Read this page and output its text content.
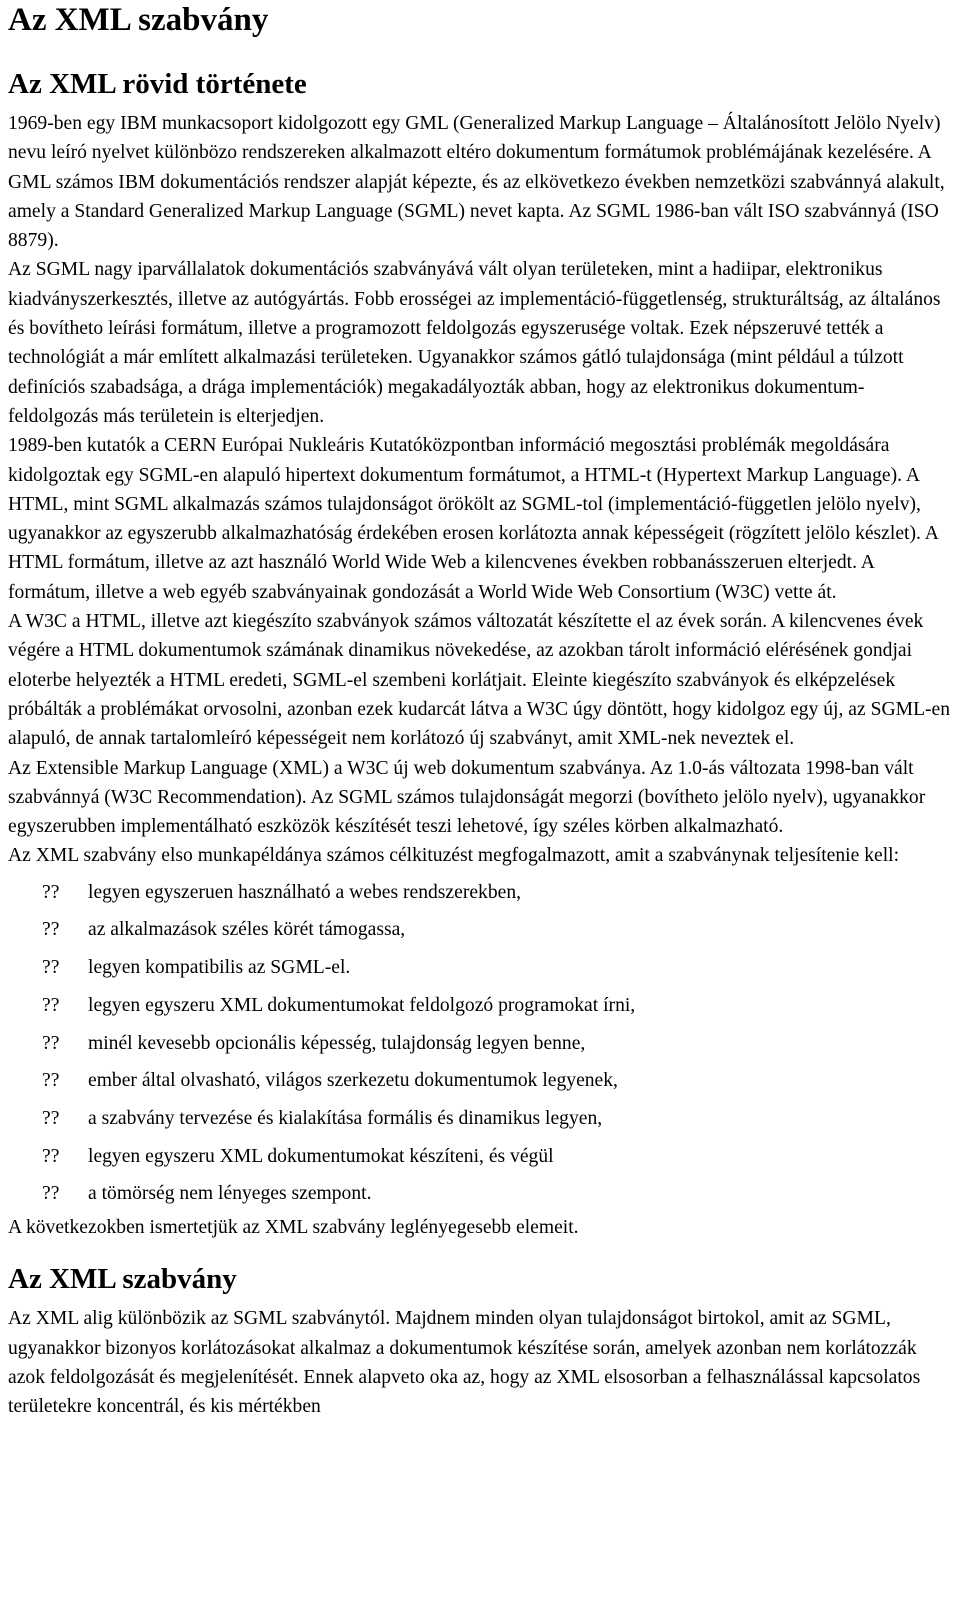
Az XML szabvány
Az XML rövid története

1969-ben egy IBM munkacsoport kidolgozott egy GML (Generalized Markup Language – Általánosított Jelölo Nyelv) nevu leíró nyelvet különbözo rendszereken alkalmazott eltéro dokumentum formátumok problémájának kezelésére. A GML számos IBM dokumentációs rendszer alapját képezte, és az elkövetkezo években nemzetközi szabvánnyá alakult, amely a Standard Generalized Markup Language (SGML) nevet kapta. Az SGML 1986-ban vált ISO szabvánnyá (ISO 8879).

Az SGML nagy iparvállalatok dokumentációs szabványává vált olyan területeken, mint a hadiipar, elektronikus kiadványszerkesztés, illetve az autógyártás. Fobb erosségei az implementáció-függetlenség, strukturáltság, az általános és bovítheto leírási formátum, illetve a programozott feldolgozás egyszerusége voltak. Ezek népszeruvé tették a technológiát a már említett alkalmazási területeken. Ugyanakkor számos gátló tulajdonsága (mint például a túlzott definíciós szabadsága, a drága implementációk) megakadályozták abban, hogy az elektronikus dokumentum-feldolgozás más területein is elterjedjen.

1989-ben kutatók a CERN Európai Nukleáris Kutatóközpontban információ megosztási problémák megoldására kidolgoztak egy SGML-en alapuló hipertext dokumentum formátumot, a HTML-t (Hypertext Markup Language). A HTML, mint SGML alkalmazás számos tulajdonságot örökölt az SGML-tol (implementáció-független jelölo nyelv), ugyanakkor az egyszerubb alkalmazhatóság érdekében erosen korlátozta annak képességeit (rögzített jelölo készlet). A HTML formátum, illetve az azt használó World Wide Web a kilencvenes években robbanásszeruen elterjedt. A formátum, illetve a web egyéb szabványainak gondozását a World Wide Web Consortium (W3C) vette át.

A W3C a HTML, illetve azt kiegészíto szabványok számos változatát készítette el az évek során. A kilencvenes évek végére a HTML dokumentumok számának dinamikus növekedése, az azokban tárolt információ elérésének gondjai eloterbe helyezték a HTML eredeti, SGML-el szembeni korlátjait. Eleinte kiegészíto szabványok és elképzelések próbálták a problémákat orvosolni, azonban ezek kudarcát látva a W3C úgy döntött, hogy kidolgoz egy új, az SGML-en alapuló, de annak tartalomleíró képességeit nem korlátozó új szabványt, amit XML-nek neveztek el.

Az Extensible Markup Language (XML) a W3C új web dokumentum szabványa. Az 1.0-ás változata 1998-ban vált szabvánnyá (W3C Recommendation). Az SGML számos tulajdonságát megorzi (bovítheto jelölo nyelv), ugyanakkor egyszerubben implementálható eszközök készítését teszi lehetové, így széles körben alkalmazható.

Az XML szabvány elso munkapéldánya számos célkituzést megfogalmazott, amit a szabványnak teljesítenie kell:

?? legyen egyszeruen használható a webes rendszerekben,
?? az alkalmazások széles körét támogassa,
?? legyen kompatibilis az SGML-el.
?? legyen egyszeru XML dokumentumokat feldolgozó programokat írni,
?? minél kevesebb opcionális képesség, tulajdonság legyen benne,
?? ember által olvasható, világos szerkezetu dokumentumok legyenek,
?? a szabvány tervezése és kialakítása formális és dinamikus legyen,
?? legyen egyszeru XML dokumentumokat készíteni, és végül
?? a tömörség nem lényeges szempont.

A következokben ismertetjük az XML szabvány leglényegesebb elemeit.

Az XML szabvány

Az XML alig különbözik az SGML szabványtól. Majdnem minden olyan tulajdonságot birtokol, amit az SGML, ugyanakkor bizonyos korlátozásokat alkalmaz a dokumentumok készítése során, amelyek azonban nem korlátozzák azok feldolgozását és megjelenítését. Ennek alapveto oka az, hogy az XML elsosorban a felhasználással kapcsolatos területekre koncentrál, és kis mértékben
